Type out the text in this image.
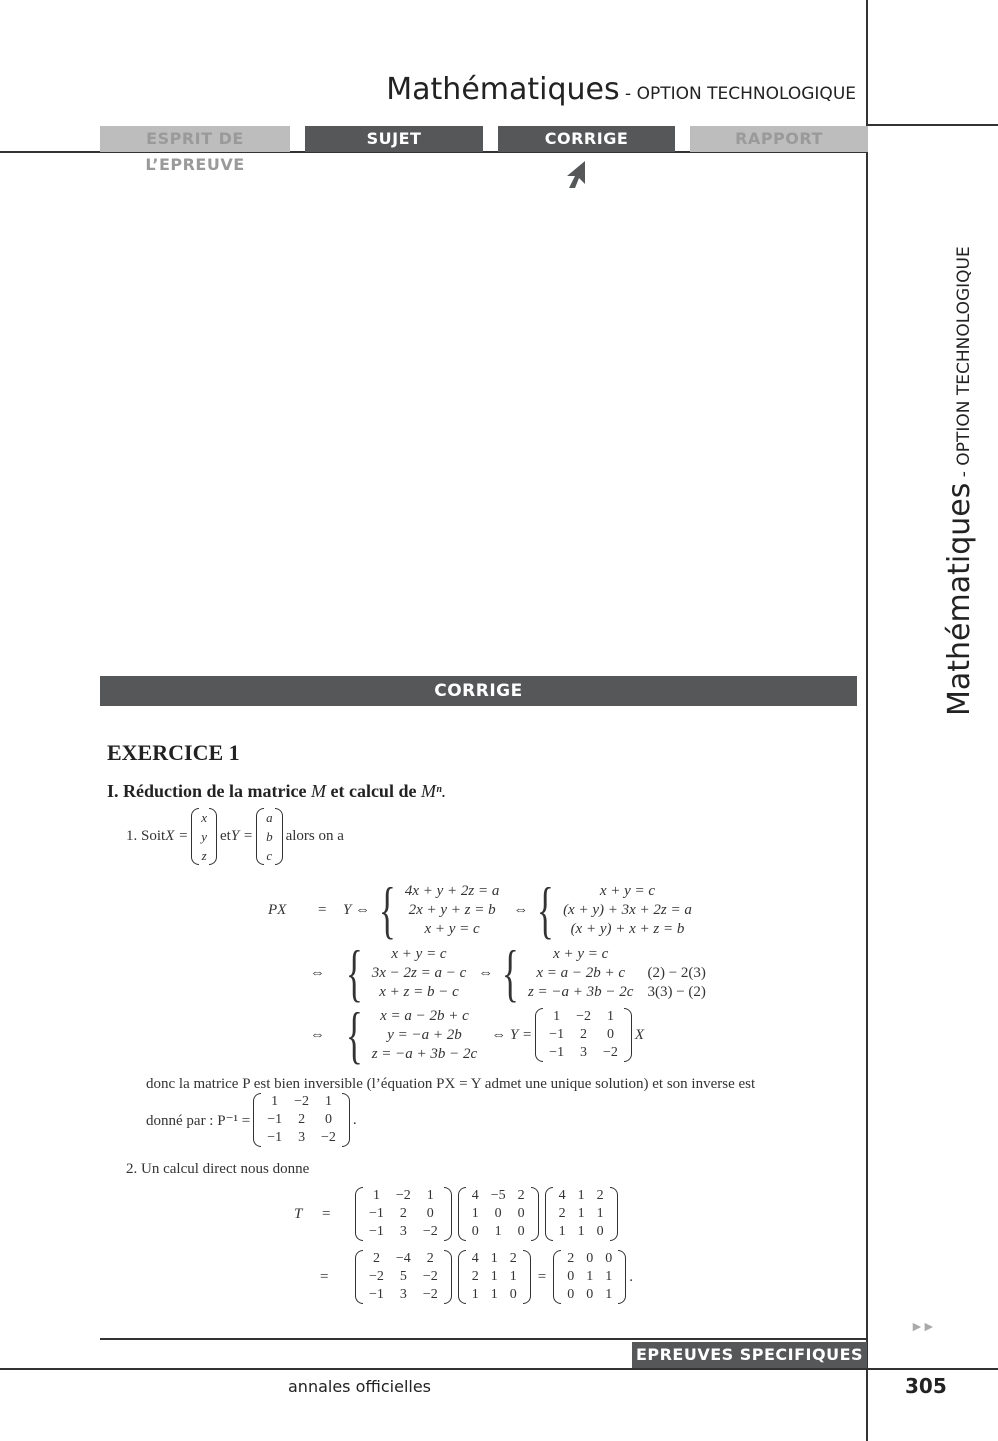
Mathématiques - OPTION TECHNOLOGIQUE
ESPRIT DE L’EPREUVE
SUJET	CORRIGE	RAPPORT
Mathématiques - OPTION TECHNOLOGIQUE
CORRIGE
EXERCICE 1
I. Réduction de la matrice M et calcul de Mⁿ.
1. Soit X =
x
y
z
et Y =
a
b
c
alors on a
PX	=	Y ⇔ { 4x + y + 2z = a
2x + y + z = b
x + y = c
⇔ {	x + y = c
(x + y) + 3x + 2z = a
(x + y) + x + z = b
⇔ {	x + y = c
3x − 2z = a − c
x + z = b − c
⇔ {	x + y = c
x = a − 2b + c
z = −a + 3b − 2c
(2) − 2(3)
3(3) − (2)
⇔ {	x = a − 2b + c
y = −a + 2b
z = −a + 3b − 2c
⇔ Y =
1	−2	1
−1	2	0
−1	3	−2
X
donc la matrice P est bien inversible (l’équation PX = Y admet une unique solution) et son inverse est
donné par : P⁻¹ =
1	−2	1
−1	2	0
−1	3	−2
.
2. Un calcul direct nous donne
T	=
1	−2	1
−1	2	0
−1	3	−2
4	−5	2
1	0	0
0	1	0
4	1	2
2	1	1
1	1	0
=
2	−4	2
−2	5	−2
−1	3	−2
4	1	2
2	1	1
1	1	0
=
2	0	0
0	1	1
0	0	1
.
►►
EPREUVES SPECIFIQUES
annales officielles	305
